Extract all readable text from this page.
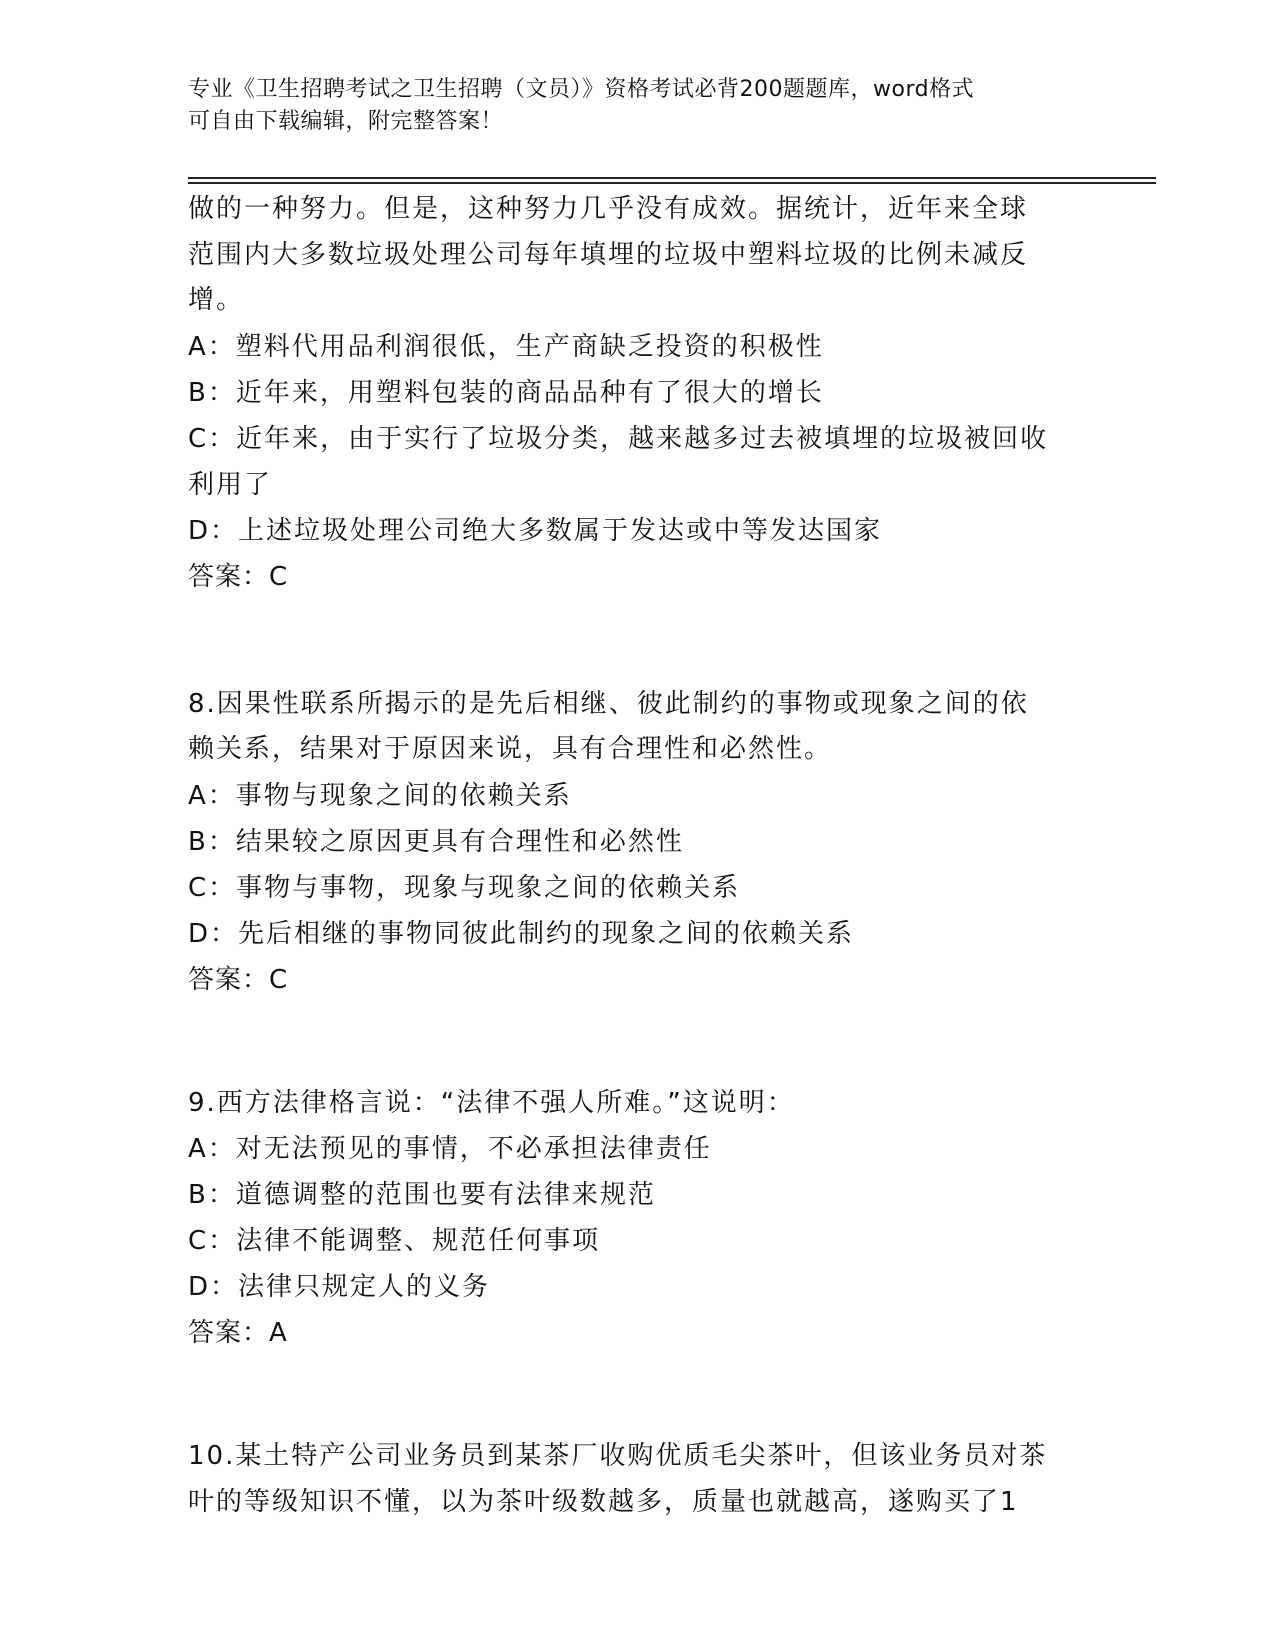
专业《卫生招聘考试之卫生招聘（文员）》资格考试必背200题题库，word格式
可自由下载编辑，附完整答案！
做的一种努力。但是，这种努力几乎没有成效。据统计，近年来全球
范围内大多数垃圾处理公司每年填埋的垃圾中塑料垃圾的比例未减反
增。
A：塑料代用品利润很低，生产商缺乏投资的积极性
B：近年来，用塑料包装的商品品种有了很大的增长
C：近年来，由于实行了垃圾分类，越来越多过去被填埋的垃圾被回收
利用了
D：上述垃圾处理公司绝大多数属于发达或中等发达国家
答案：C
8.因果性联系所揭示的是先后相继、彼此制约的事物或现象之间的依
赖关系，结果对于原因来说，具有合理性和必然性。
A：事物与现象之间的依赖关系
B：结果较之原因更具有合理性和必然性
C：事物与事物，现象与现象之间的依赖关系
D：先后相继的事物同彼此制约的现象之间的依赖关系
答案：C
9.西方法律格言说：“法律不强人所难。”这说明：
A：对无法预见的事情，不必承担法律责任
B：道德调整的范围也要有法律来规范
C：法律不能调整、规范任何事项
D：法律只规定人的义务
答案：A
10.某土特产公司业务员到某茶厂收购优质毛尖茶叶，但该业务员对茶
叶的等级知识不懂，以为茶叶级数越多，质量也就越高，遂购买了1
